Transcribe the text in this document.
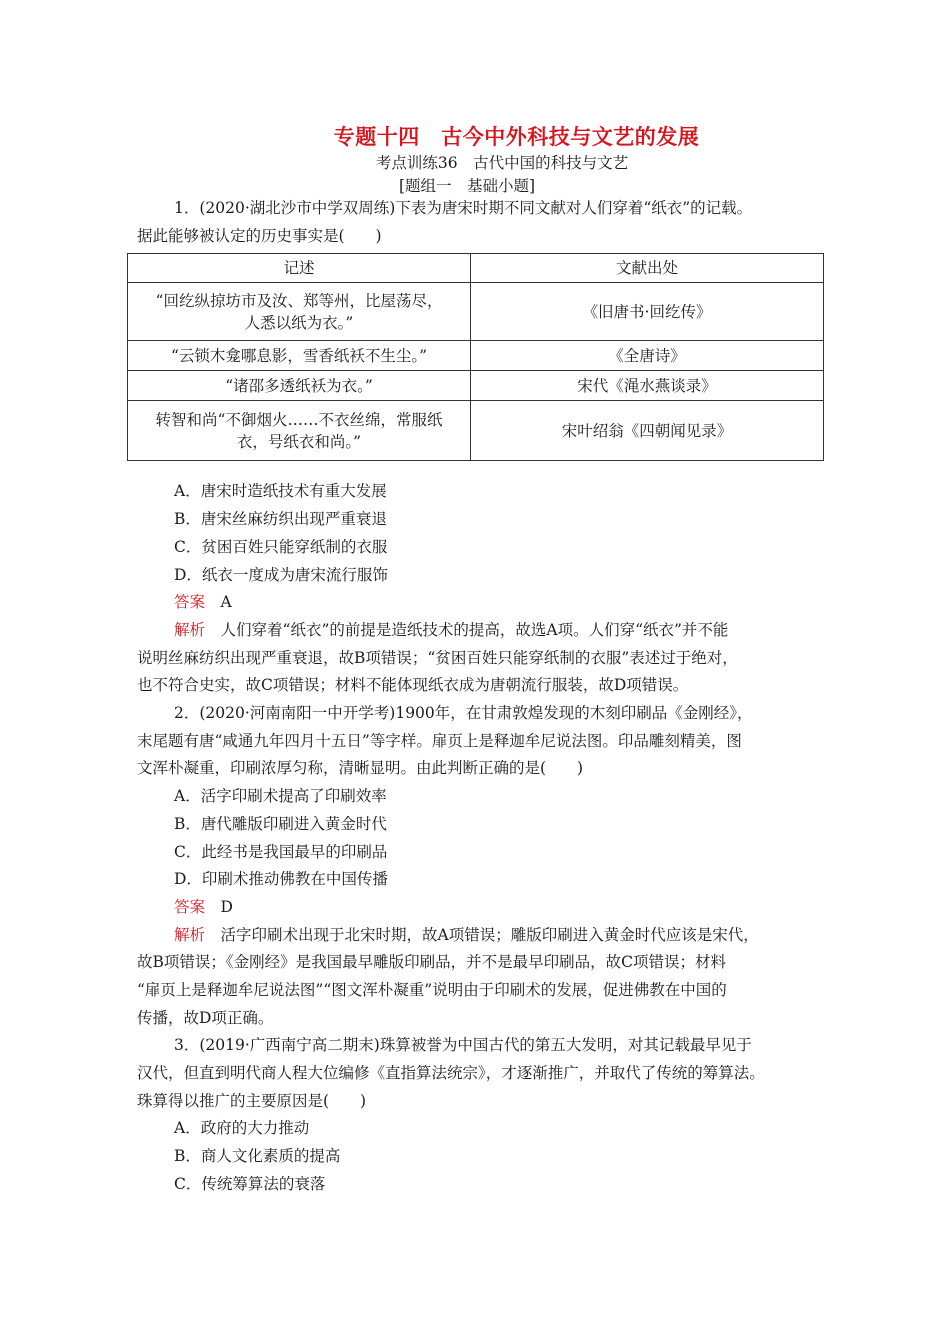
专题十四　古今中外科技与文艺的发展
考点训练36　古代中国的科技与文艺
[题组一　基础小题]
1．(2020·湖北沙市中学双周练)下表为唐宋时期不同文献对人们穿着“纸衣”的记载。
据此能够被认定的历史事实是(　　)
记述	文献出处

“回纥纵掠坊市及汝、郑等州，比屋荡尽，
人悉以纸为衣。”	《旧唐书·回纥传》
“云锁木龛哪息影，雪香纸袄不生尘。”	《全唐诗》
“诸邵多透纸袄为衣。”	宋代《渑水燕谈录》

转智和尚“不御烟火……不衣丝绵，常服纸
衣，号纸衣和尚。”	宋叶绍翁《四朝闻见录》
A．唐宋时造纸技术有重大发展
B．唐宋丝麻纺织出现严重衰退
C．贫困百姓只能穿纸制的衣服
D．纸衣一度成为唐宋流行服饰
答案　 A
解析　 人们穿着“纸衣”的前提是造纸技术的提高，故选A项。人们穿“纸衣”并不能
说明丝麻纺织出现严重衰退，故B项错误；“贫困百姓只能穿纸制的衣服”表述过于绝对，
也不符合史实，故C项错误；材料不能体现纸衣成为唐朝流行服装，故D项错误。
2．(2020·河南南阳一中开学考)1900年，在甘肃敦煌发现的木刻印刷品《金刚经》，
末尾题有唐“咸通九年四月十五日”等字样。扉页上是释迦牟尼说法图。印品雕刻精美，图
文浑朴凝重，印刷浓厚匀称，清晰显明。由此判断正确的是(　　)
A．活字印刷术提高了印刷效率
B．唐代雕版印刷进入黄金时代
C．此经书是我国最早的印刷品
D．印刷术推动佛教在中国传播
答案　 D
解析　 活字印刷术出现于北宋时期，故A项错误；雕版印刷进入黄金时代应该是宋代，
故B项错误；《金刚经》是我国最早雕版印刷品，并不是最早印刷品，故C项错误；材料
“扉页上是释迦牟尼说法图”“图文浑朴凝重”说明由于印刷术的发展，促进佛教在中国的
传播，故D项正确。
3．(2019·广西南宁高二期末)珠算被誉为中国古代的第五大发明，对其记载最早见于
汉代，但直到明代商人程大位编修《直指算法统宗》，才逐渐推广，并取代了传统的筹算法。
珠算得以推广的主要原因是(　　)
A．政府的大力推动
B．商人文化素质的提高
C．传统筹算法的衰落
